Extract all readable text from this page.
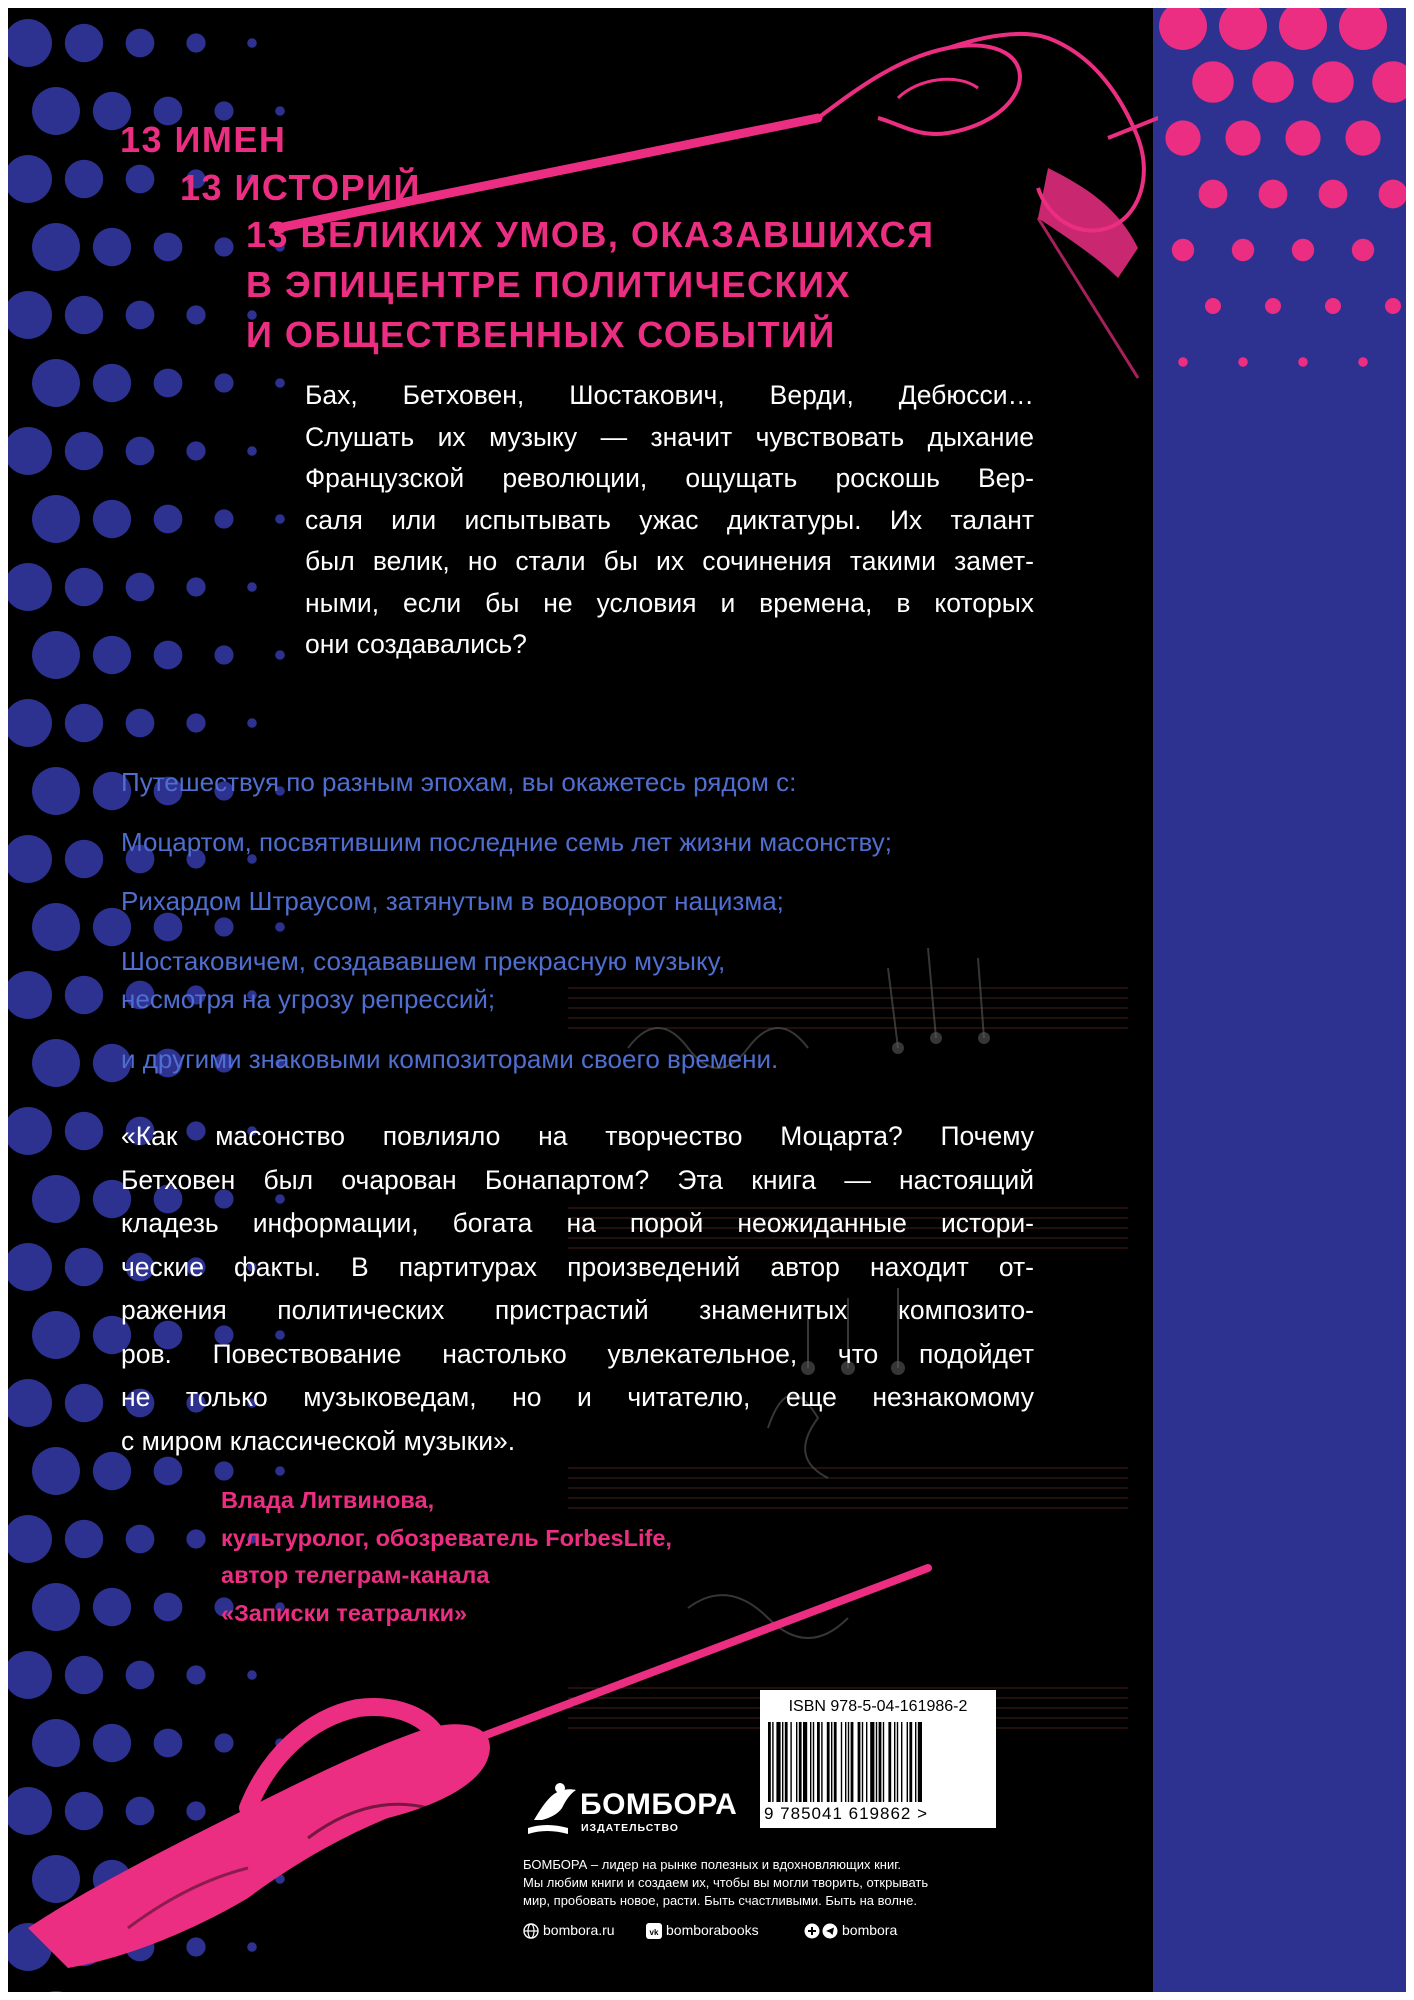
13 ИМЕН
13 ИСТОРИЙ
13 ВЕЛИКИХ УМОВ, ОКАЗАВШИХСЯ
В ЭПИЦЕНТРЕ ПОЛИТИЧЕСКИХ
И ОБЩЕСТВЕННЫХ СОБЫТИЙ
Бах, Бетховен, Шостакович, Верди, Дебюсси…
Слушать их музыку — значит чувствовать дыхание
Французской революции, ощущать роскошь Вер-
саля или испытывать ужас диктатуры. Их талант
был велик, но стали бы их сочинения такими замет-
ными, если бы не условия и времена, в которых
они создавались?
Путешествуя по разным эпохам, вы окажетесь рядом с:
Моцартом, посвятившим последние семь лет жизни масонству;
Рихардом Штраусом, затянутым в водоворот нацизма;
Шостаковичем, создававшем прекрасную музыку,
несмотря на угрозу репрессий;
и другими знаковыми композиторами своего времени.
«Как масонство повлияло на творчество Моцарта? Почему
Бетховен был очарован Бонапартом? Эта книга — настоящий
кладезь информации, богата на порой неожиданные истори-
ческие факты. В партитурах произведений автор находит от-
ражения политических пристрастий знаменитых композито-
ров. Повествование настолько увлекательное, что подойдет
не только музыковедам, но и читателю, еще незнакомому
с миром классической музыки».
Влада Литвинова,
культуролог, обозреватель ForbesLife,
автор телеграм-канала
«Записки театралки»
ISBN 978-5-04-161986-2
9 785041 619862 >
БОМБОРА
ИЗДАТЕЛЬСТВО
БОМБОРА – лидер на рынке полезных и вдохновляющих книг.
Мы любим книги и создаем их, чтобы вы могли творить, открывать
мир, пробовать новое, расти. Быть счастливыми. Быть на волне.
bombora.ru	vk bomborabooks	bombora
